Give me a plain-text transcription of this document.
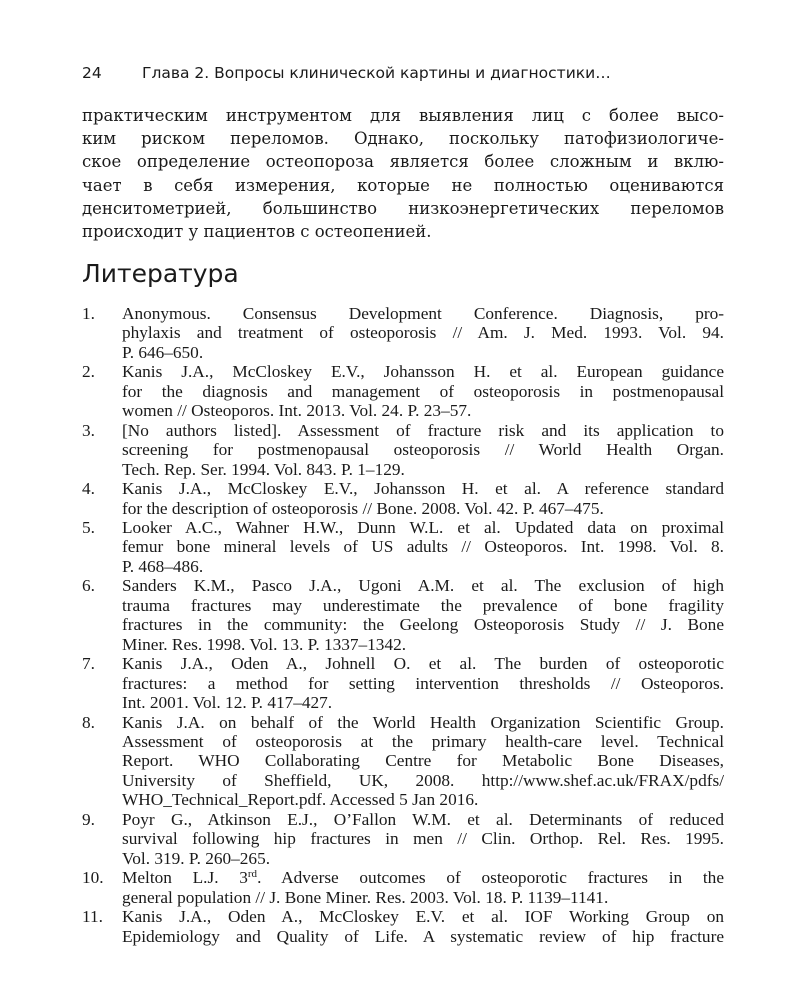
24	Глава 2. Вопросы клинической картины и диагностики…

практическим инструментом для выявления лиц с более высо-
ким риском переломов. Однако, поскольку патофизиологиче-
ское определение остеопороза является более сложным и вклю-
чает в себя измерения, которые не полностью оцениваются
денситометрией, большинство низкоэнергетических переломов
происходит у пациентов с остеопенией.

Литература
1. Anonymous. Consensus Development Conference. Diagnosis, pro-
phylaxis and treatment of osteoporosis // Am. J. Med. 1993. Vol. 94.
P. 646–650.
2. Kanis J.A., McCloskey E.V., Johansson H. et al. European guidance
for the diagnosis and management of osteoporosis in postmenopausal
women // Osteoporos. Int. 2013. Vol. 24. P. 23–57.
3. [No authors listed]. Assessment of fracture risk and its application to
screening for postmenopausal osteoporosis // World Health Organ.
Tech. Rep. Ser. 1994. Vol. 843. P. 1–129.
4. Kanis J.A., McCloskey E.V., Johansson H. et al. A reference standard
for the description of osteoporosis // Bone. 2008. Vol. 42. P. 467–475.
5. Looker A.C., Wahner H.W., Dunn W.L. et al. Updated data on proximal
femur bone mineral levels of US adults // Osteoporos. Int. 1998. Vol. 8.
P. 468–486.
6. Sanders K.M., Pasco J.A., Ugoni A.M. et al. The exclusion of high
trauma fractures may underestimate the prevalence of bone fragility
fractures in the community: the Geelong Osteoporosis Study // J. Bone
Miner. Res. 1998. Vol. 13. P. 1337–1342.
7. Kanis J.A., Oden A., Johnell O. et al. The burden of osteoporotic
fractures: a method for setting intervention thresholds // Osteoporos.
Int. 2001. Vol. 12. P. 417–427.
8. Kanis J.A. on behalf of the World Health Organization Scientific Group.
Assessment of osteoporosis at the primary health-care level. Technical
Report. WHO Collaborating Centre for Metabolic Bone Diseases,
University of Sheffield, UK, 2008. http://www.shef.ac.uk/FRAX/pdfs/
WHO_Technical_Report.pdf. Accessed 5 Jan 2016.
9. Poyr G., Atkinson E.J., O’Fallon W.M. et al. Determinants of reduced
survival following hip fractures in men // Clin. Orthop. Rel. Res. 1995.
Vol. 319. P. 260–265.
10. Melton L.J. 3rd. Adverse outcomes of osteoporotic fractures in the
general population // J. Bone Miner. Res. 2003. Vol. 18. P. 1139–1141.
11. Kanis J.A., Oden A., McCloskey E.V. et al. IOF Working Group on
Epidemiology and Quality of Life. A systematic review of hip fracture
